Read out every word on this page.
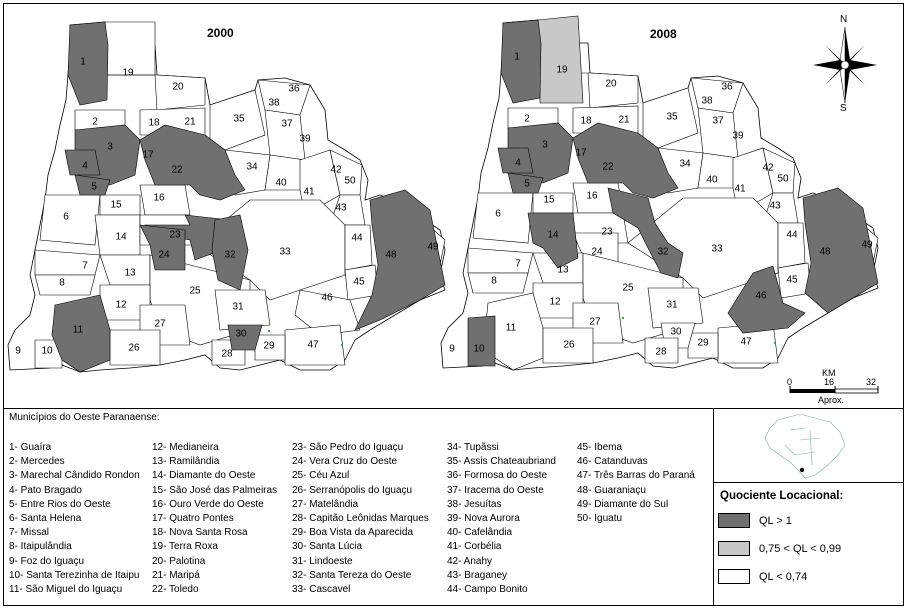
2000	2008
1
19
20
2	18 21	35
38
36
37
39
3
17
22	34
40
41
42
50
43
4
5
16
15
6
23
14
24	32	33
44
48
49
7
13
8	45
25
46
12	31
27
11	30
26	47
29
9 10	28
1
19
20
2	18	21	35
38
36
37
39
3
17
22	34
40
41
42
50
43
4
5
16
15
6
23
14
24	32	33
44
48
49
7
13
8	45
25
46
12	31
27
11	30
26	47
29
9 10	28
N
S
KM
0	16	32
Aprox.
Municípios do Oeste Paranaense:
1- Guaíra
2- Mercedes
3- Marechal Cândido Rondon
4- Pato Bragado
5- Entre Rios do Oeste
6- Santa Helena
7- Missal
8- Itaipulândia
9- Foz do Iguaçu
10- Santa Terezinha de Itaipu
11- São Miguel do Iguaçu
12- Medianeira
13- Ramilândia
14- Diamante do Oeste
15- São José das Palmeiras
16- Ouro Verde do Oeste
17- Quatro Pontes
18- Nova Santa Rosa
19- Terra Roxa
20- Palotina
21- Maripá
22- Toledo
23- São Pedro do Iguaçu
24- Vera Cruz do Oeste
25- Céu Azul
26- Serranópolis do Iguaçu
27- Matelândia
28- Capitão Leônidas Marques
29- Boa Vista da Aparecida
30- Santa Lúcia
31- Lindoeste
32- Santa Tereza do Oeste
33- Cascavel
34- Tupãssi
35- Assis Chateaubriand
36- Formosa do Oeste
37- Iracema do Oeste
38- Jesuítas
39- Nova Aurora
40- Cafelândia
41- Corbélia
42- Anahy
43- Braganey
44- Campo Bonito
45- Ibema
46- Catanduvas
47- Três Barras do Paraná
48- Guaraniaçu
49- Diamante do Sul
50- Iguatu
Quociente Locacional:
QL > 1
0,75 < QL < 0,99
QL < 0,74
